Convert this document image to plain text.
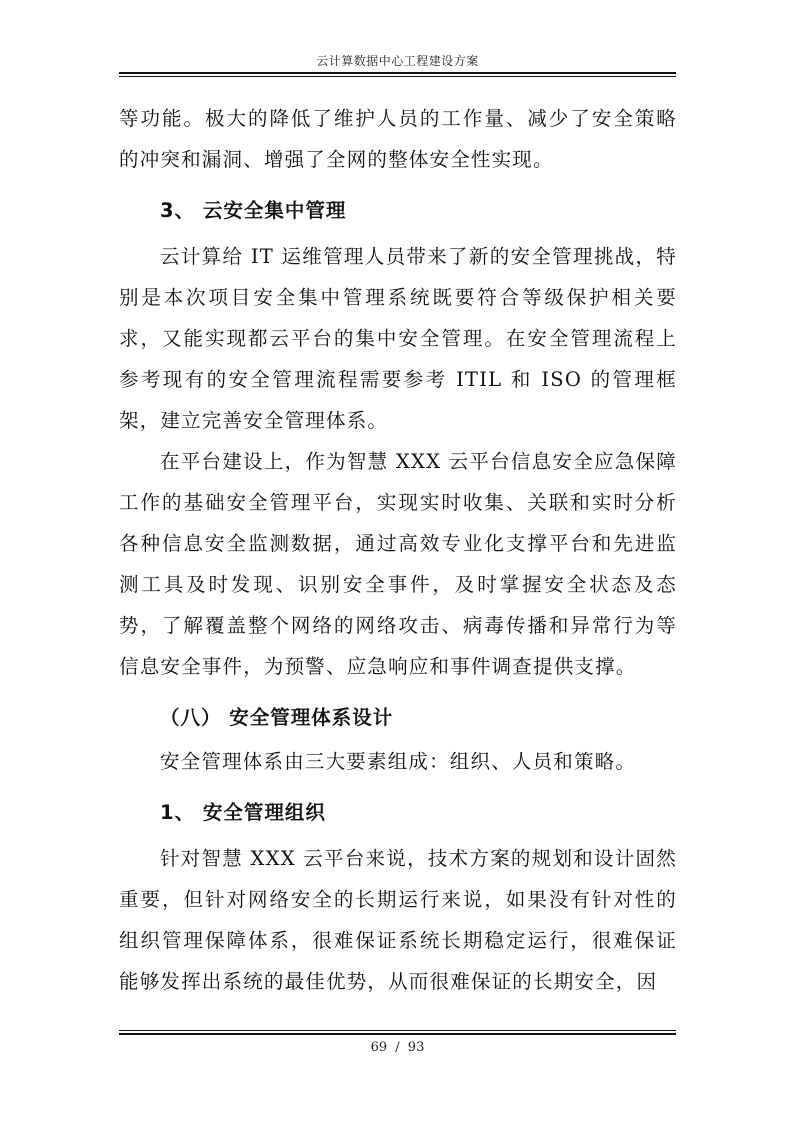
云计算数据中心工程建设方案

等功能。极大的降低了维护人员的工作量、减少了安全策略的冲突和漏洞、增强了全网的整体安全性实现。

3、 云安全集中管理

云计算给 IT 运维管理人员带来了新的安全管理挑战，特别是本次项目安全集中管理系统既要符合等级保护相关要求，又能实现都云平台的集中安全管理。在安全管理流程上参考现有的安全管理流程需要参考 ITIL 和 ISO 的管理框架，建立完善安全管理体系。

在平台建设上，作为智慧 XXX 云平台信息安全应急保障工作的基础安全管理平台，实现实时收集、关联和实时分析各种信息安全监测数据，通过高效专业化支撑平台和先进监测工具及时发现、识别安全事件，及时掌握安全状态及态势，了解覆盖整个网络的网络攻击、病毒传播和异常行为等信息安全事件，为预警、应急响应和事件调查提供支撑。

（八） 安全管理体系设计

安全管理体系由三大要素组成：组织、人员和策略。

1、 安全管理组织

针对智慧 XXX 云平台来说，技术方案的规划和设计固然重要，但针对网络安全的长期运行来说，如果没有针对性的组织管理保障体系，很难保证系统长期稳定运行，很难保证能够发挥出系统的最佳优势，从而很难保证的长期安全，因

69 / 93
